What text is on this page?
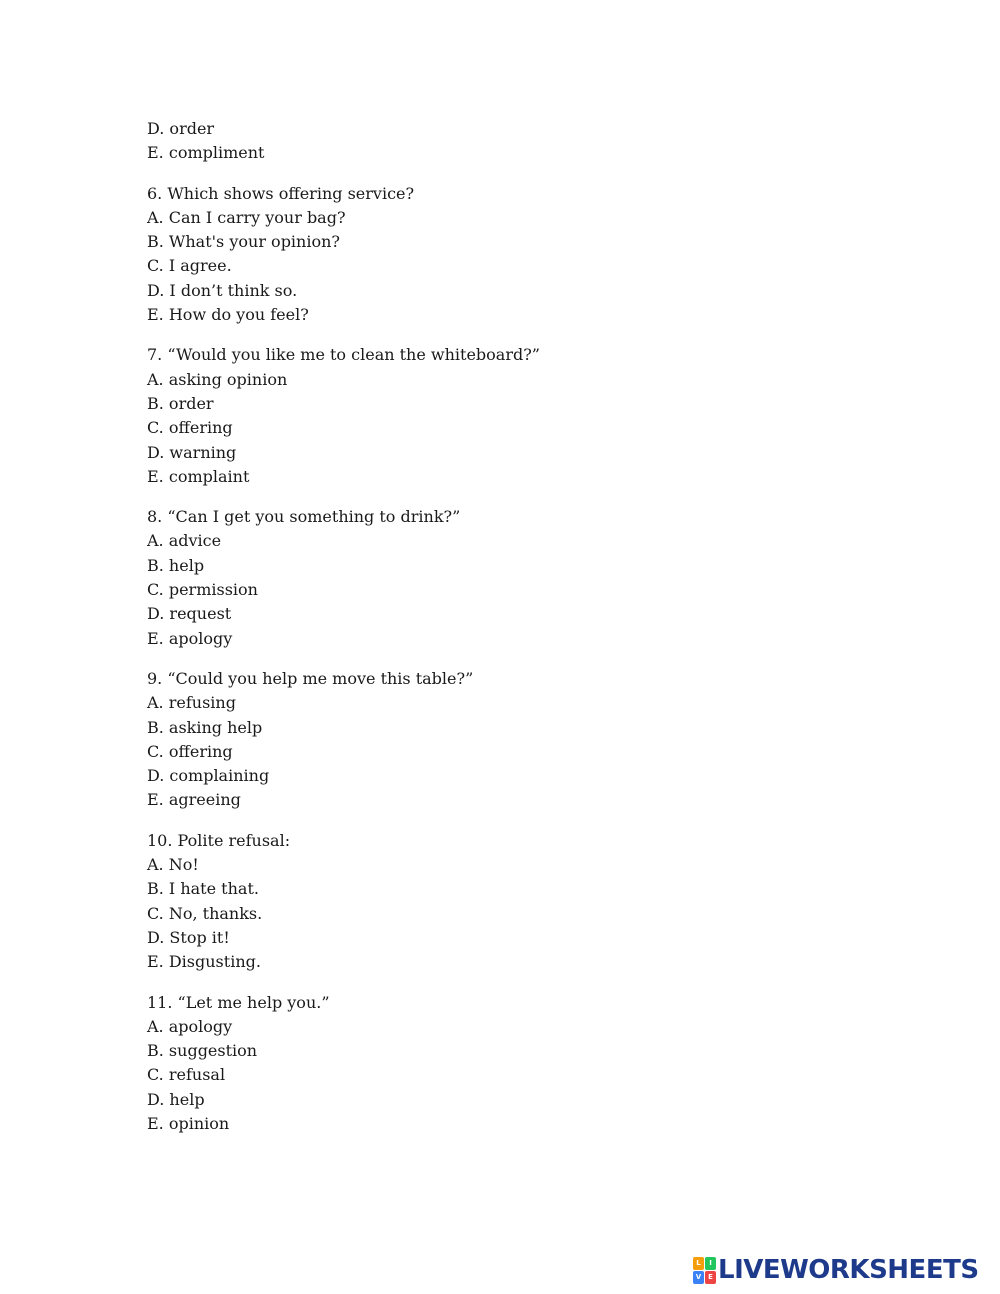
D. order
E. compliment
6. Which shows offering service?
A. Can I carry your bag?
B. What's your opinion?
C. I agree.
D. I don’t think so.
E. How do you feel?
7. “Would you like me to clean the whiteboard?”
A. asking opinion
B. order
C. offering
D. warning
E. complaint
8. “Can I get you something to drink?”
A. advice
B. help
C. permission
D. request
E. apology
9. “Could you help me move this table?”
A. refusing
B. asking help
C. offering
D. complaining
E. agreeing
10. Polite refusal:
A. No!
B. I hate that.
C. No, thanks.
D. Stop it!
E. Disgusting.
11. “Let me help you.”
A. apology
B. suggestion
C. refusal
D. help
E. opinion
L	I
V E LIVEWORKSHEETS
